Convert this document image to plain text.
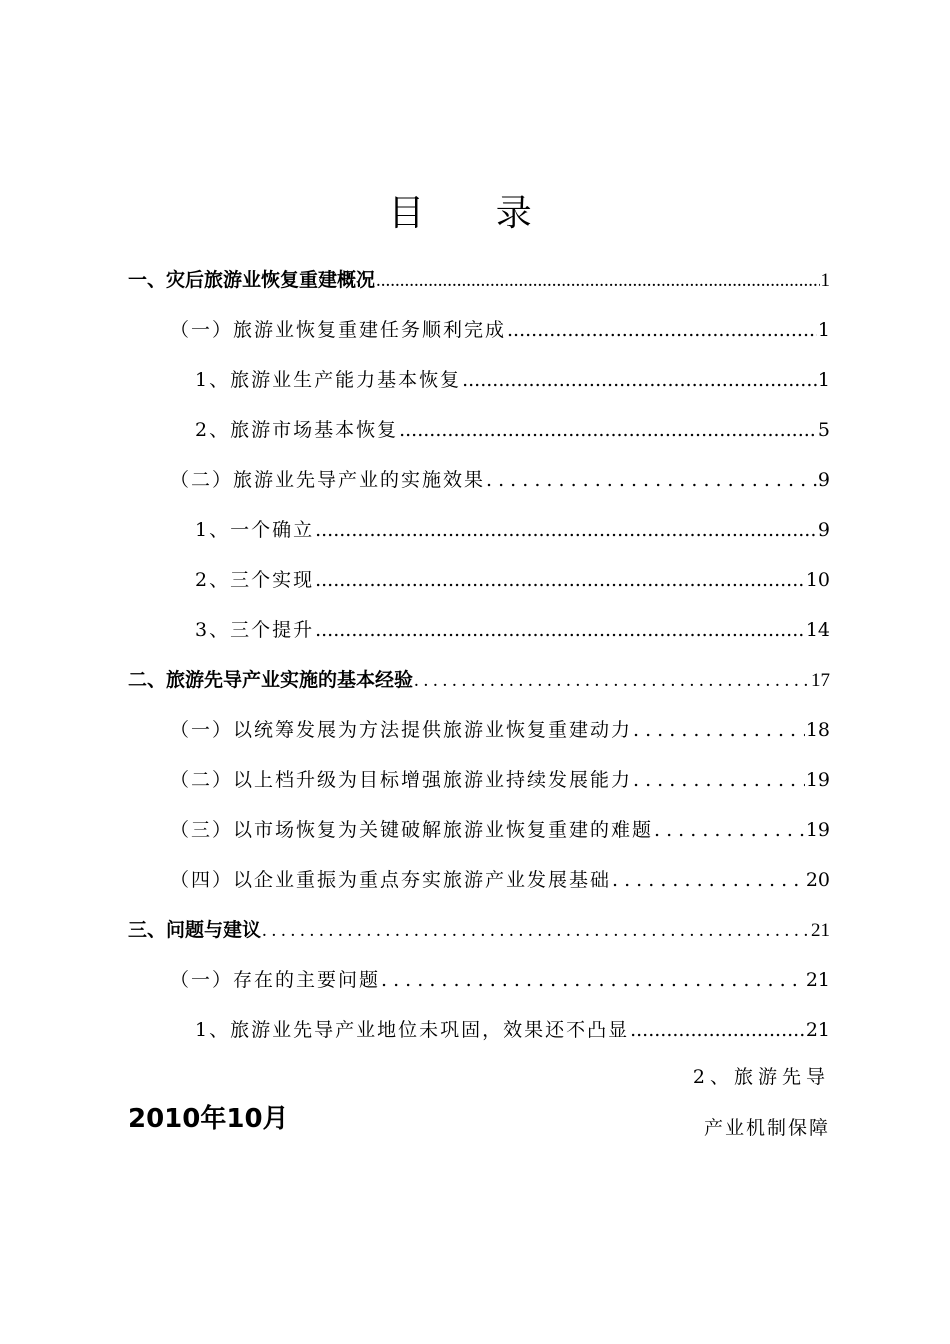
目 录
一、灾后旅游业恢复重建概况 .....	1
（一）旅游业恢复重建任务顺利完成 .....	1
1、旅游业生产能力基本恢复 .....	1
2、旅游市场基本恢复 .....	5
（二）旅游业先导产业的实施效果 . . .	9
1、一个确立 .....	9
2、三个实现 .....	10
3、三个提升 .....	14
二、旅游先导产业实施的基本经验 . . .	17
（一）以统筹发展为方法提供旅游业恢复重建动力 . . .	18
（二）以上档升级为目标增强旅游业持续发展能力 . . .	19
（三）以市场恢复为关键破解旅游业恢复重建的难题 . . .	19
（四）以企业重振为重点夯实旅游产业发展基础 . . .	20
三、问题与建议 . . .	21
（一）存在的主要问题 . . .	21
1、旅游业先导产业地位未巩固，效果还不凸显 .....	21
2、旅游先导
产业机制保障
2010年10月
